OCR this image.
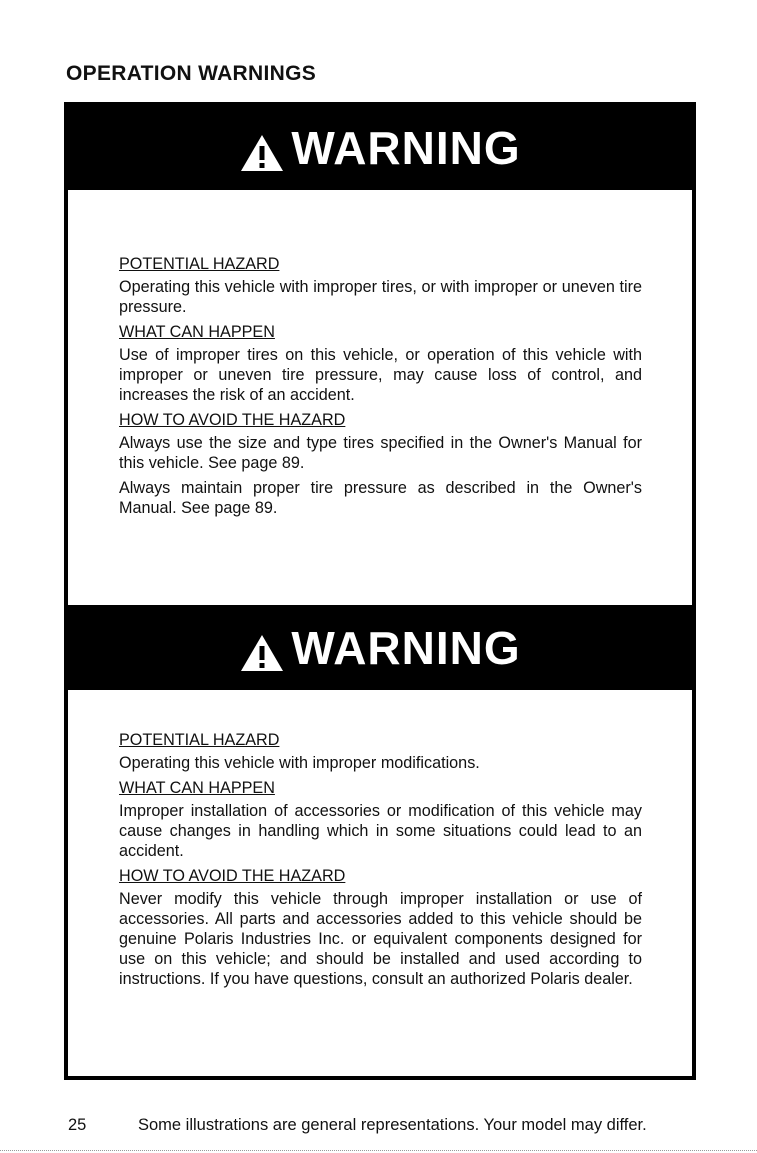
OPERATION WARNINGS
WARNING

POTENTIAL HAZARD

Operating this vehicle with improper tires, or with improper or uneven tire pressure.

WHAT CAN HAPPEN

Use of improper tires on this vehicle, or operation of this vehicle with improper or uneven tire pressure, may cause loss of control, and increases the risk of an accident.

HOW TO AVOID THE HAZARD

Always use the size and type tires specified in the Owner's Manual for this vehicle. See page 89.

Always maintain proper tire pressure as described in the Owner's Manual. See page 89.

WARNING

POTENTIAL HAZARD

Operating this vehicle with improper modifications.

WHAT CAN HAPPEN

Improper installation of accessories or modification of this vehicle may cause changes in handling which in some situations could lead to an accident.

HOW TO AVOID THE HAZARD

Never modify this vehicle through improper installation or use of accessories. All parts and accessories added to this vehicle should be genuine Polaris Industries Inc. or equivalent components designed for use on this vehicle; and should be installed and used according to instructions. If you have questions, consult an authorized Polaris dealer.

25	Some illustrations are general representations. Your model may differ.
